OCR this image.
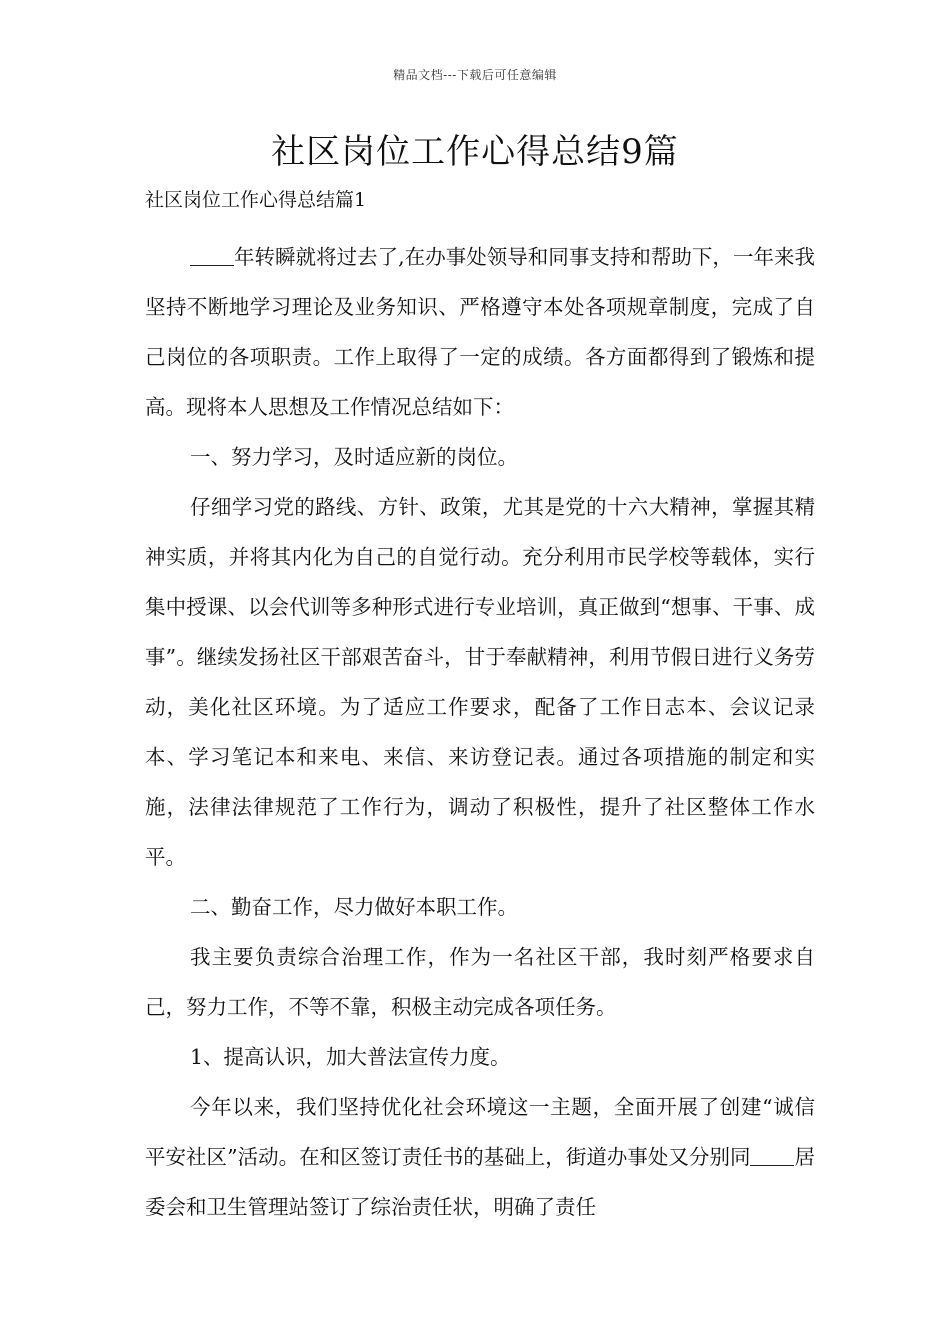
精品文档---下载后可任意编辑
社区岗位工作心得总结9篇
社区岗位工作心得总结篇1

年转瞬就将过去了,在办事处领导和同事支持和帮助下，一年来我坚持不断地学习理论及业务知识、严格遵守本处各项规章制度，完成了自己岗位的各项职责。工作上取得了一定的成绩。各方面都得到了锻炼和提高。现将本人思想及工作情况总结如下：

一、努力学习，及时适应新的岗位。

仔细学习党的路线、方针、政策，尤其是党的十六大精神，掌握其精神实质，并将其内化为自己的自觉行动。充分利用市民学校等载体，实行集中授课、以会代训等多种形式进行专业培训，真正做到“想事、干事、成事”。继续发扬社区干部艰苦奋斗，甘于奉献精神，利用节假日进行义务劳动，美化社区环境。为了适应工作要求，配备了工作日志本、会议记录本、学习笔记本和来电、来信、来访登记表。通过各项措施的制定和实施，法律法律规范了工作行为，调动了积极性，提升了社区整体工作水平。

二、勤奋工作，尽力做好本职工作。

我主要负责综合治理工作，作为一名社区干部，我时刻严格要求自己，努力工作，不等不靠，积极主动完成各项任务。

1、提高认识，加大普法宣传力度。

今年以来，我们坚持优化社会环境这一主题，全面开展了创建“诚信平安社区”活动。在和区签订责任书的基础上，街道办事处又分别同 居委会和卫生管理站签订了综治责任状，明确了责任
